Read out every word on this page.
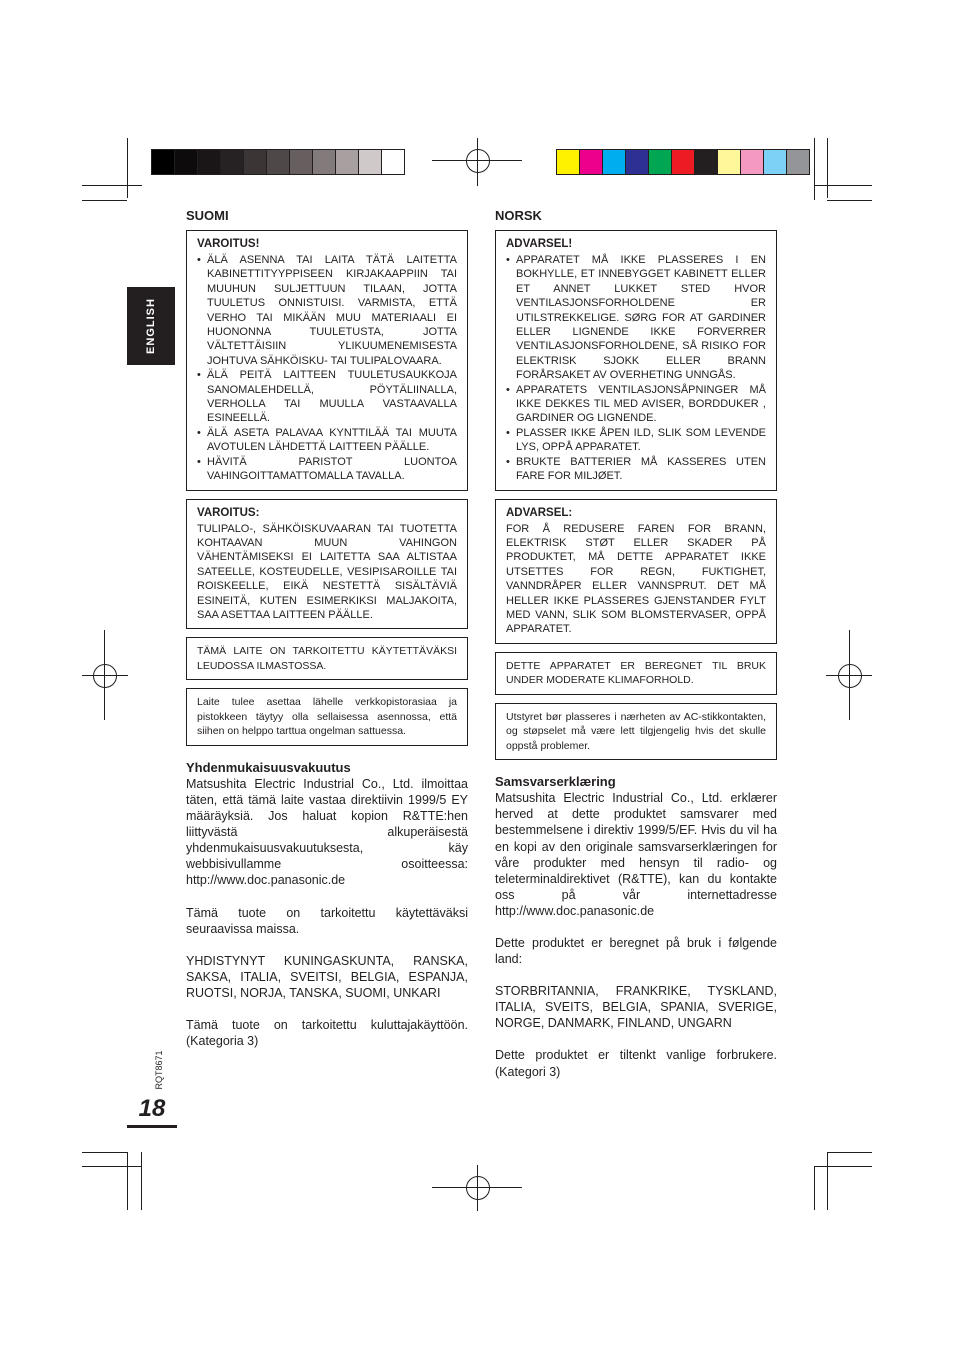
ENGLISH
RQT8671
18
SUOMI
VAROITUS!
• ÄLÄ ASENNA TAI LAITA TÄTÄ LAITETTA KABINETTITYYPPISEEN KIRJAKAAPPIIN TAI MUUHUN SULJETTUUN TILAAN, JOTTA TUULETUS ONNISTUISI. VARMISTA, ETTÄ VERHO TAI MIKÄÄN MUU MATERIAALI EI HUONONNA TUULETUSTA, JOTTA VÄLTETTÄISIIN YLIKUUMENEMISESTA JOHTUVA SÄHKÖISKU- TAI TULIPALOVAARA.
• ÄLÄ PEITÄ LAITTEEN TUULETUSAUKKOJA SANOMALEHDELLÄ, PÖYTÄLIINALLA, VERHOLLA TAI MUULLA VASTAAVALLA ESINEELLÄ.
• ÄLÄ ASETA PALAVAA KYNTTILÄÄ TAI MUUTA AVOTULEN LÄHDETTÄ LAITTEEN PÄÄLLE.
• HÄVITÄ PARISTOT LUONTOA VAHINGOITTAMATTOMALLA TAVALLA.
VAROITUS:

TULIPALO-, SÄHKÖISKUVAARAN TAI TUOTETTA KOHTAAVAN MUUN VAHINGON VÄHENTÄMISEKSI EI LAITETTA SAA ALTISTAA SATEELLE, KOSTEUDELLE, VESIPISAROILLE TAI ROISKEELLE, EIKÄ NESTETTÄ SISÄLTÄVIÄ ESINEITÄ, KUTEN ESIMERKIKSI MALJAKOITA, SAA ASETTAA LAITTEEN PÄÄLLE.

TÄMÄ LAITE ON TARKOITETTU KÄYTETTÄVÄKSI LEUDOSSA ILMASTOSSA.

Laite tulee asettaa lähelle verkkopistorasiaa ja pistokkeen täytyy olla sellaisessa asennossa, että siihen on helppo tarttua ongelman sattuessa.

Yhdenmukaisuusvakuutus

Matsushita Electric Industrial Co., Ltd. ilmoittaa täten, että tämä laite vastaa direktiivin 1999/5 EY määräyksiä. Jos haluat kopion R&TTE:hen liittyvästä alkuperäisestä yhdenmukaisuusvakuutuksesta, käy webbisivullamme osoitteessa: http://www.doc.panasonic.de

Tämä tuote on tarkoitettu käytettäväksi seuraavissa maissa.

YHDISTYNYT KUNINGASKUNTA, RANSKA, SAKSA, ITALIA, SVEITSI, BELGIA, ESPANJA, RUOTSI, NORJA, TANSKA, SUOMI, UNKARI

Tämä tuote on tarkoitettu kuluttajakäyttöön. (Kategoria 3)

NORSK
ADVARSEL!
• APPARATET MÅ IKKE PLASSERES I EN BOKHYLLE, ET INNEBYGGET KABINETT ELLER ET ANNET LUKKET STED HVOR VENTILASJONSFORHOLDENE ER UTILSTREKKELIGE. SØRG FOR AT GARDINER ELLER LIGNENDE IKKE FORVERRER VENTILASJONSFORHOLDENE, SÅ RISIKO FOR ELEKTRISK SJOKK ELLER BRANN FORÅRSAKET AV OVERHETING UNNGÅS.
• APPARATETS VENTILASJONSÅPNINGER MÅ IKKE DEKKES TIL MED AVISER, BORDDUKER , GARDINER OG LIGNENDE.
• PLASSER IKKE ÅPEN ILD, SLIK SOM LEVENDE LYS, OPPÅ APPARATET.
• BRUKTE BATTERIER MÅ KASSERES UTEN FARE FOR MILJØET.
ADVARSEL:

FOR Å REDUSERE FAREN FOR BRANN, ELEKTRISK STØT ELLER SKADER PÅ PRODUKTET, MÅ DETTE APPARATET IKKE UTSETTES FOR REGN, FUKTIGHET, VANNDRÅPER ELLER VANNSPRUT. DET MÅ HELLER IKKE PLASSERES GJENSTANDER FYLT MED VANN, SLIK SOM BLOMSTERVASER, OPPÅ APPARATET.

DETTE APPARATET ER BEREGNET TIL BRUK UNDER MODERATE KLIMAFORHOLD.

Utstyret bør plasseres i nærheten av AC-stikkontakten, og støpselet må være lett tilgjengelig hvis det skulle oppstå problemer.

Samsvarserklæring

Matsushita Electric Industrial Co., Ltd. erklærer herved at dette produktet samsvarer med bestemmelsene i direktiv 1999/5/EF. Hvis du vil ha en kopi av den originale samsvarserklæringen for våre produkter med hensyn til radio- og teleterminaldirektivet (R&TTE), kan du kontakte oss på vår internettadresse http://www.doc.panasonic.de

Dette produktet er beregnet på bruk i følgende land:

STORBRITANNIA, FRANKRIKE, TYSKLAND, ITALIA, SVEITS, BELGIA, SPANIA, SVERIGE, NORGE, DANMARK, FINLAND, UNGARN

Dette produktet er tiltenkt vanlige forbrukere. (Kategori 3)
